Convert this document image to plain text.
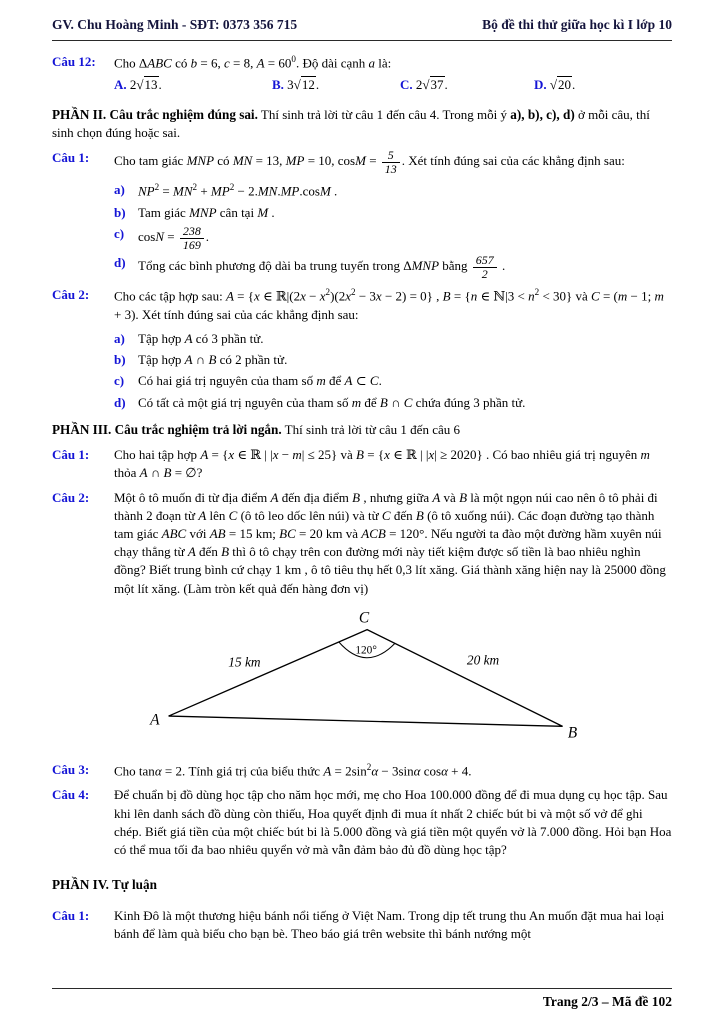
GV. Chu Hoàng Minh - SĐT: 0373 356 715	Bộ đề thi thử giữa học kì I lớp 10
Câu 12:	Cho ΔABC có b = 6, c = 8, $A = 60^0$. Độ dài cạnh a là:
A. 2√13.	B. 3√12.	C. 2√37.	D. √20.

PHẦN II. Câu trắc nghiệm đúng sai. Thí sinh trả lời từ câu 1 đến câu 4. Trong mỗi ý a), b), c), d) ở mỗi câu, thí sinh chọn đúng hoặc sai.

Câu 1:	Cho tam giác MNP có MN = 13, MP = 10, $\cos M = \frac{5}{13}$ . Xét tính đúng sai của các khẳng định sau:
a)	$NP^2 = MN^2 + MP^2 - 2.MN.MP.\cos M$ .
b) Tam giác MNP cân tại M .
c)	$\cos N = \frac{238}{169}$ .
d) Tổng các bình phương độ dài ba trung tuyến trong ΔMNP bằng $\frac{657}{2}$ .
Câu 2:	Cho các tập hợp sau: A = {x ∈ ℝ|(2x − $x^2)(2x^2 - 3x - 2) = 0$} , B = {n ∈ ℕ|3 < $n^2 < 30$} và C = (m − 1; m + 3). Xét tính đúng sai của các khẳng định sau:
a)	Tập hợp A có 3 phần tử.
b) Tập hợp A ∩ B có 2 phần tử.
c)	Có hai giá trị nguyên của tham số m để A ⊂ C.
d) Có tất cả một giá trị nguyên của tham số m để B ∩ C chứa đúng 3 phần tử.

PHẦN III. Câu trắc nghiệm trả lời ngắn. Thí sinh trả lời từ câu 1 đến câu 6

Câu 1:	Cho hai tập hợp A = {x ∈ ℝ | |x − m| ≤ 25} và B = {x ∈ ℝ | |x| ≥ 2020} . Có bao nhiêu giá trị nguyên m thỏa A ∩ B = ∅?
Câu 2:	Một ô tô muốn đi từ địa điểm A đến địa điểm B , nhưng giữa A và B là một ngọn núi cao nên ô tô phải đi thành 2 đoạn từ A lên C (ô tô leo dốc lên núi) và từ C đến B (ô tô xuống núi). Các đoạn đường tạo thành tam giác ABC với AB = 15 km; BC = 20 km và ACB = 120°. Nếu người ta đào một đường hầm xuyên núi chạy thẳng từ A đến B thì ô tô chạy trên con đường mới này tiết kiệm được số tiền là bao nhiêu nghìn đồng? Biết trung bình cứ chạy 1 km , ô tô tiêu thụ hết 0,3 lít xăng. Giá thành xăng hiện nay là 25000 đồng một lít xăng. (Làm tròn kết quả đến hàng đơn vị)
C
A
B
15 km	20 km
120°
Câu 3:	Cho tanα = 2. Tính giá trị của biểu thức $A = 2\sin^2\alpha - 3\sin\alpha$ cosα + 4.
Câu 4:	Để chuẩn bị đồ dùng học tập cho năm học mới, mẹ cho Hoa 100.000 đồng để đi mua dụng cụ học tập. Sau khi lên danh sách đồ dùng còn thiếu, Hoa quyết định đi mua ít nhất 2 chiếc bút bi và một số vở để ghi chép. Biết giá tiền của một chiếc bút bi là 5.000 đồng và giá tiền một quyển vở là 7.000 đồng. Hỏi bạn Hoa có thể mua tối đa bao nhiêu quyển vở mà vẫn đảm bảo đủ đồ dùng học tập?

PHẦN IV. Tự luận

Câu 1:	Kinh Đô là một thương hiệu bánh nổi tiếng ở Việt Nam. Trong dịp tết trung thu An muốn đặt mua hai loại bánh để làm quà biếu cho bạn bè. Theo báo giá trên website thì bánh nướng một
Trang 2/3 – Mã đề 102
